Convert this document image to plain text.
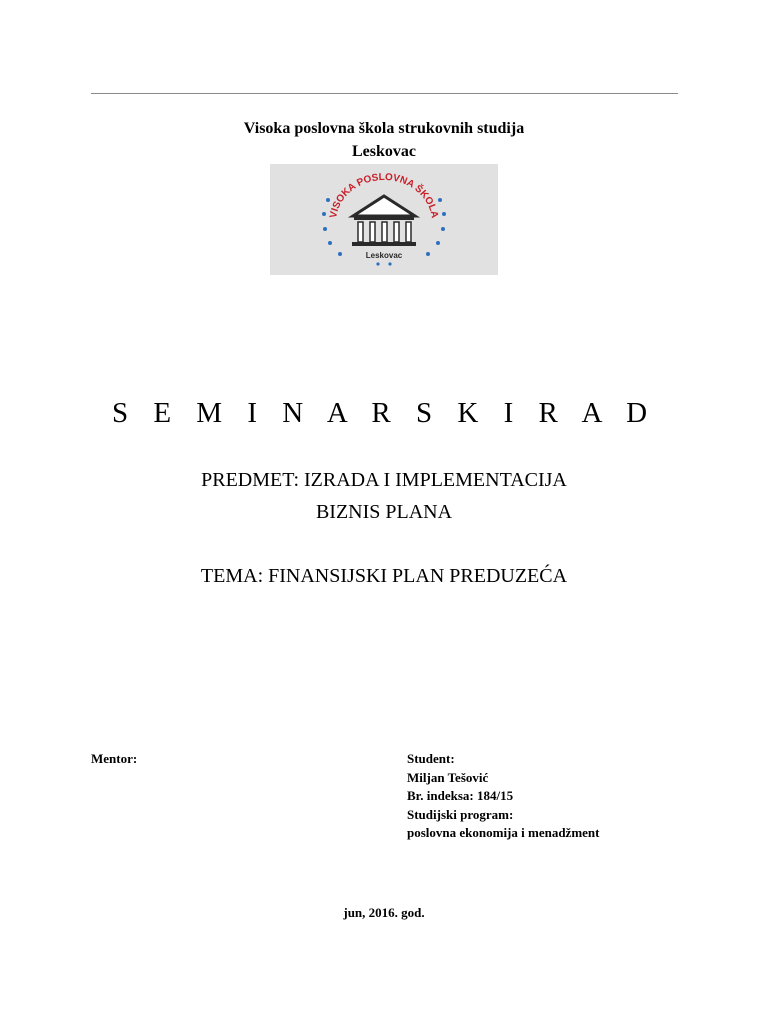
Visoka poslovna škola strukovnih studija
Leskovac
VISOKA POSLOVNA ŠKOLA
Leskovac
S E M I N A R S K I R A D
PREDMET: IZRADA I IMPLEMENTACIJA
BIZNIS PLANA
TEMA: FINANSIJSKI PLAN PREDUZEĆA
Mentor:	Student:
Miljan Tešović
Br. indeksa: 184/15
Studijski program:
poslovna ekonomija i menadžment
jun, 2016. god.
